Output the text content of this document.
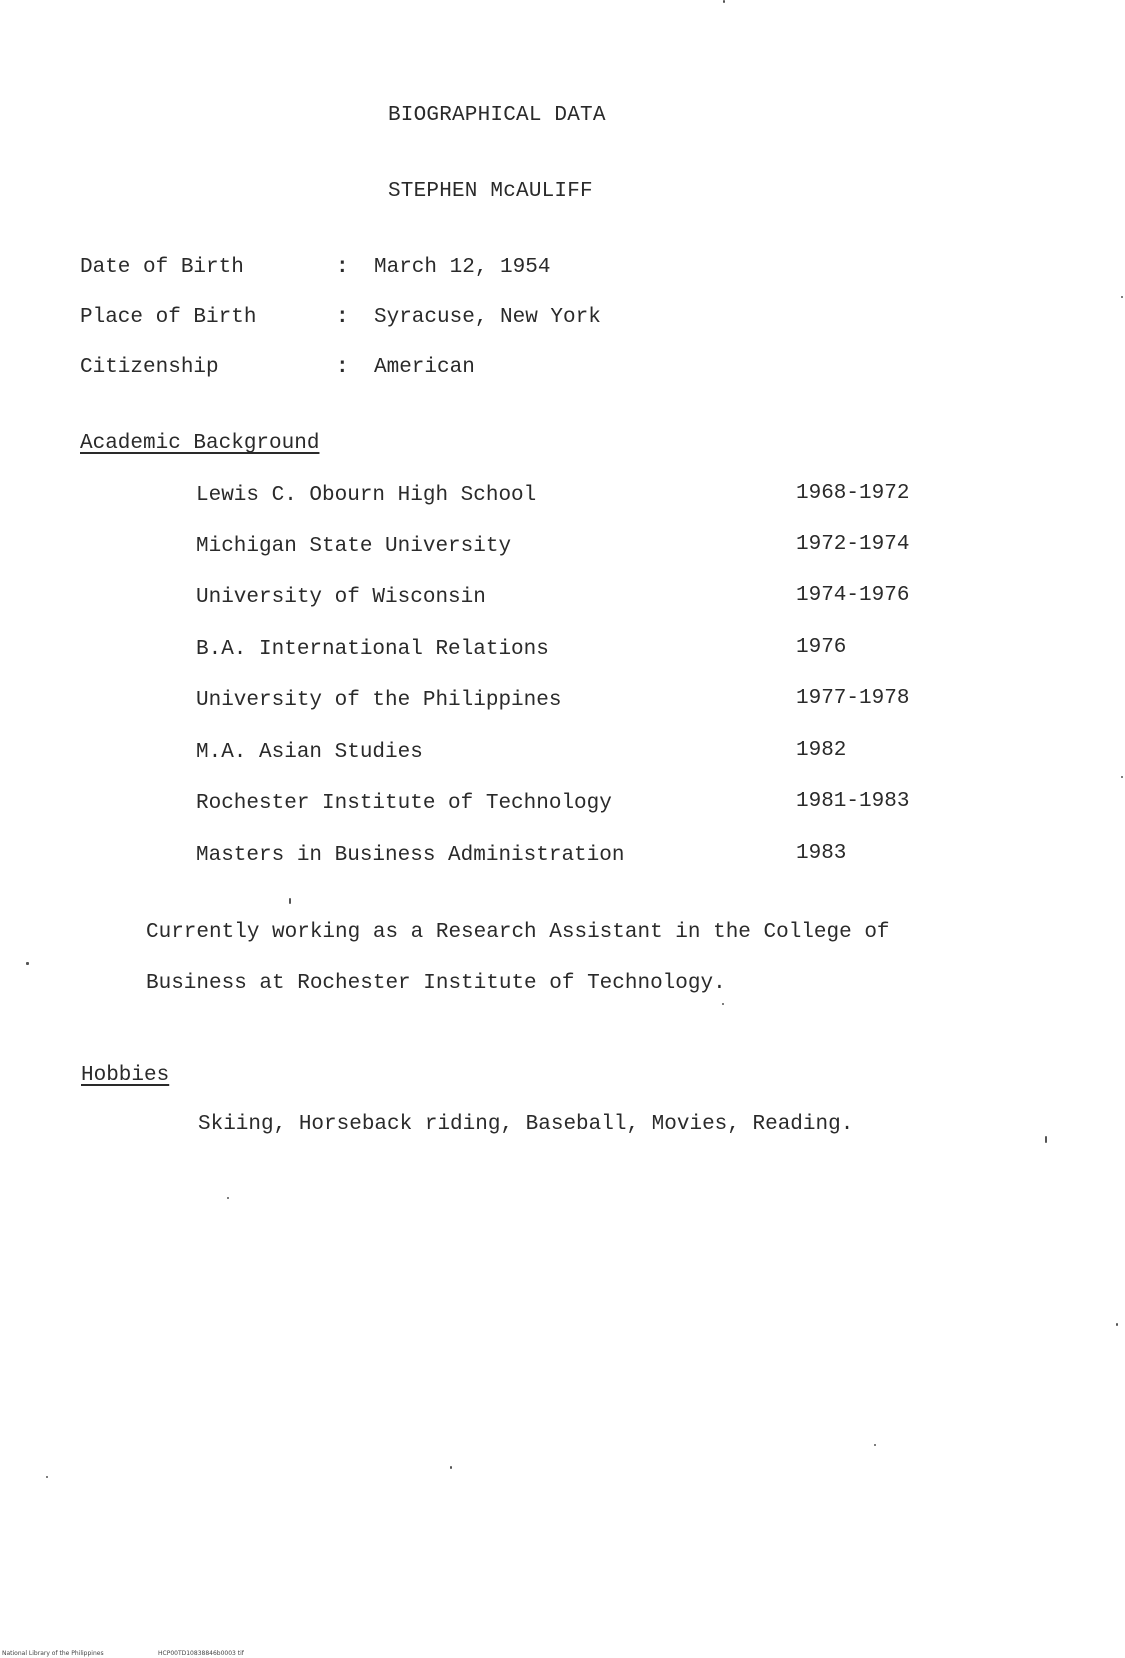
BIOGRAPHICAL DATA
STEPHEN McAULIFF
Date of Birth	: March 12, 1954
Place of Birth	: Syracuse, New York
Citizenship	: American
Academic Background
Lewis C. Obourn High School	1968-1972
Michigan State University	1972-1974
University of Wisconsin	1974-1976
B.A. International Relations	1976
University of the Philippines	1977-1978
M.A. Asian Studies	1982
Rochester Institute of Technology	1981-1983
Masters in Business Administration	1983
Currently working as a Research Assistant in the College of
Business at Rochester Institute of Technology.
Hobbies
Skiing, Horseback riding, Baseball, Movies, Reading.
National Library of the Philippines	HCP00TD10838846b0003 tif
